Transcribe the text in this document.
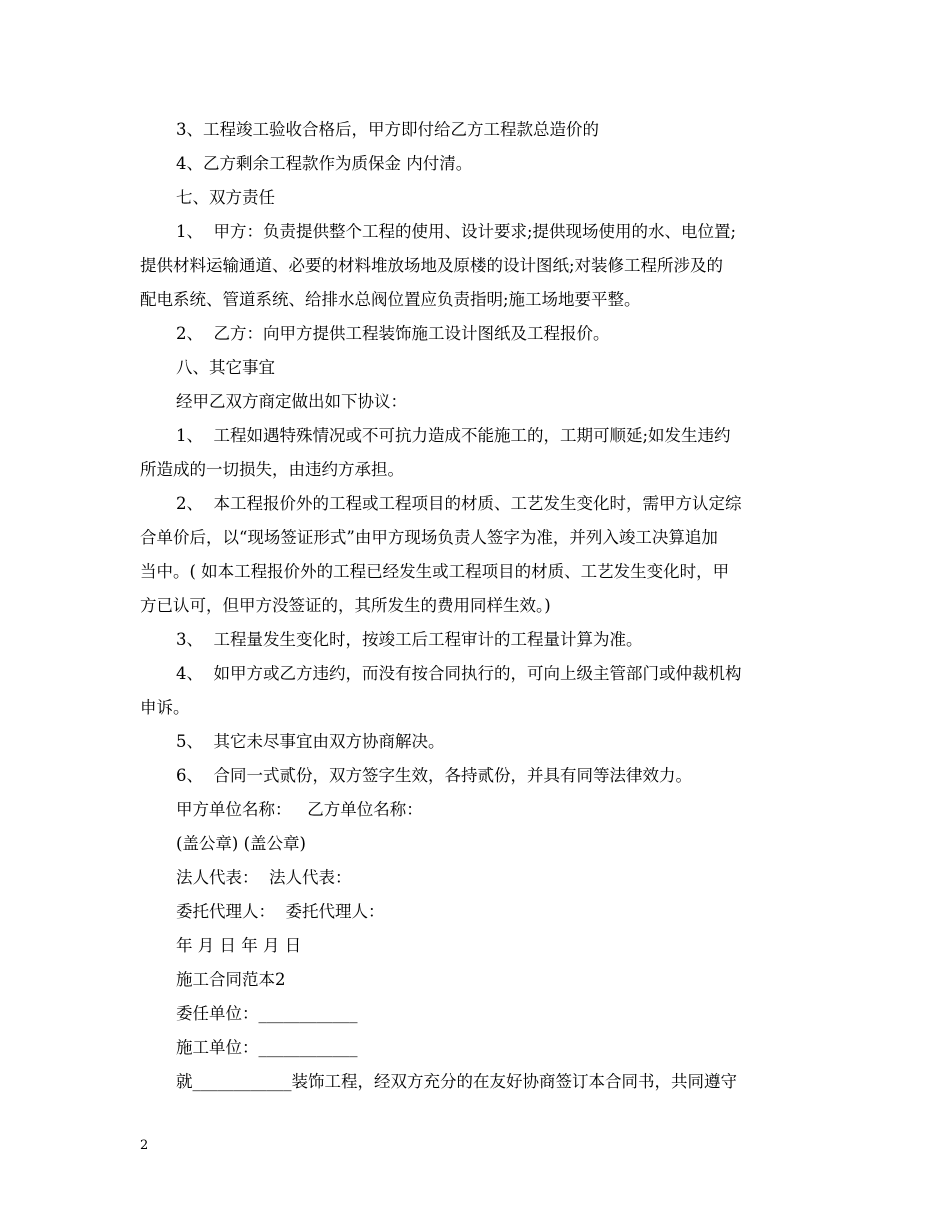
3、工程竣工验收合格后，甲方即付给乙方工程款总造价的
4、乙方剩余工程款作为质保金 内付清。
七、双方责任
1、  甲方：负责提供整个工程的使用、设计要求;提供现场使用的水、电位置;
提供材料运输通道、必要的材料堆放场地及原楼的设计图纸;对装修工程所涉及的
配电系统、管道系统、给排水总阀位置应负责指明;施工场地要平整。
2、  乙方：向甲方提供工程装饰施工设计图纸及工程报价。
八、其它事宜
经甲乙双方商定做出如下协议：
1、  工程如遇特殊情况或不可抗力造成不能施工的，工期可顺延;如发生违约
所造成的一切损失，由违约方承担。
2、  本工程报价外的工程或工程项目的材质、工艺发生变化时，需甲方认定综
合单价后，以“现场签证形式”由甲方现场负责人签字为准，并列入竣工决算追加
当中。( 如本工程报价外的工程已经发生或工程项目的材质、工艺发生变化时，甲
方已认可，但甲方没签证的，其所发生的费用同样生效。)
3、  工程量发生变化时，按竣工后工程审计的工程量计算为准。
4、  如甲方或乙方违约，而没有按合同执行的，可向上级主管部门或仲裁机构
申诉。
5、  其它未尽事宜由双方协商解决。
6、  合同一式贰份，双方签字生效，各持贰份，并具有同等法律效力。
甲方单位名称：   乙方单位名称：
(盖公章) (盖公章)
法人代表：  法人代表：
委托代理人：  委托代理人：
年 月 日 年 月 日
施工合同范本2
委任单位：____________
施工单位：____________
就____________装饰工程，经双方充分的在友好协商签订本合同书，共同遵守
2
